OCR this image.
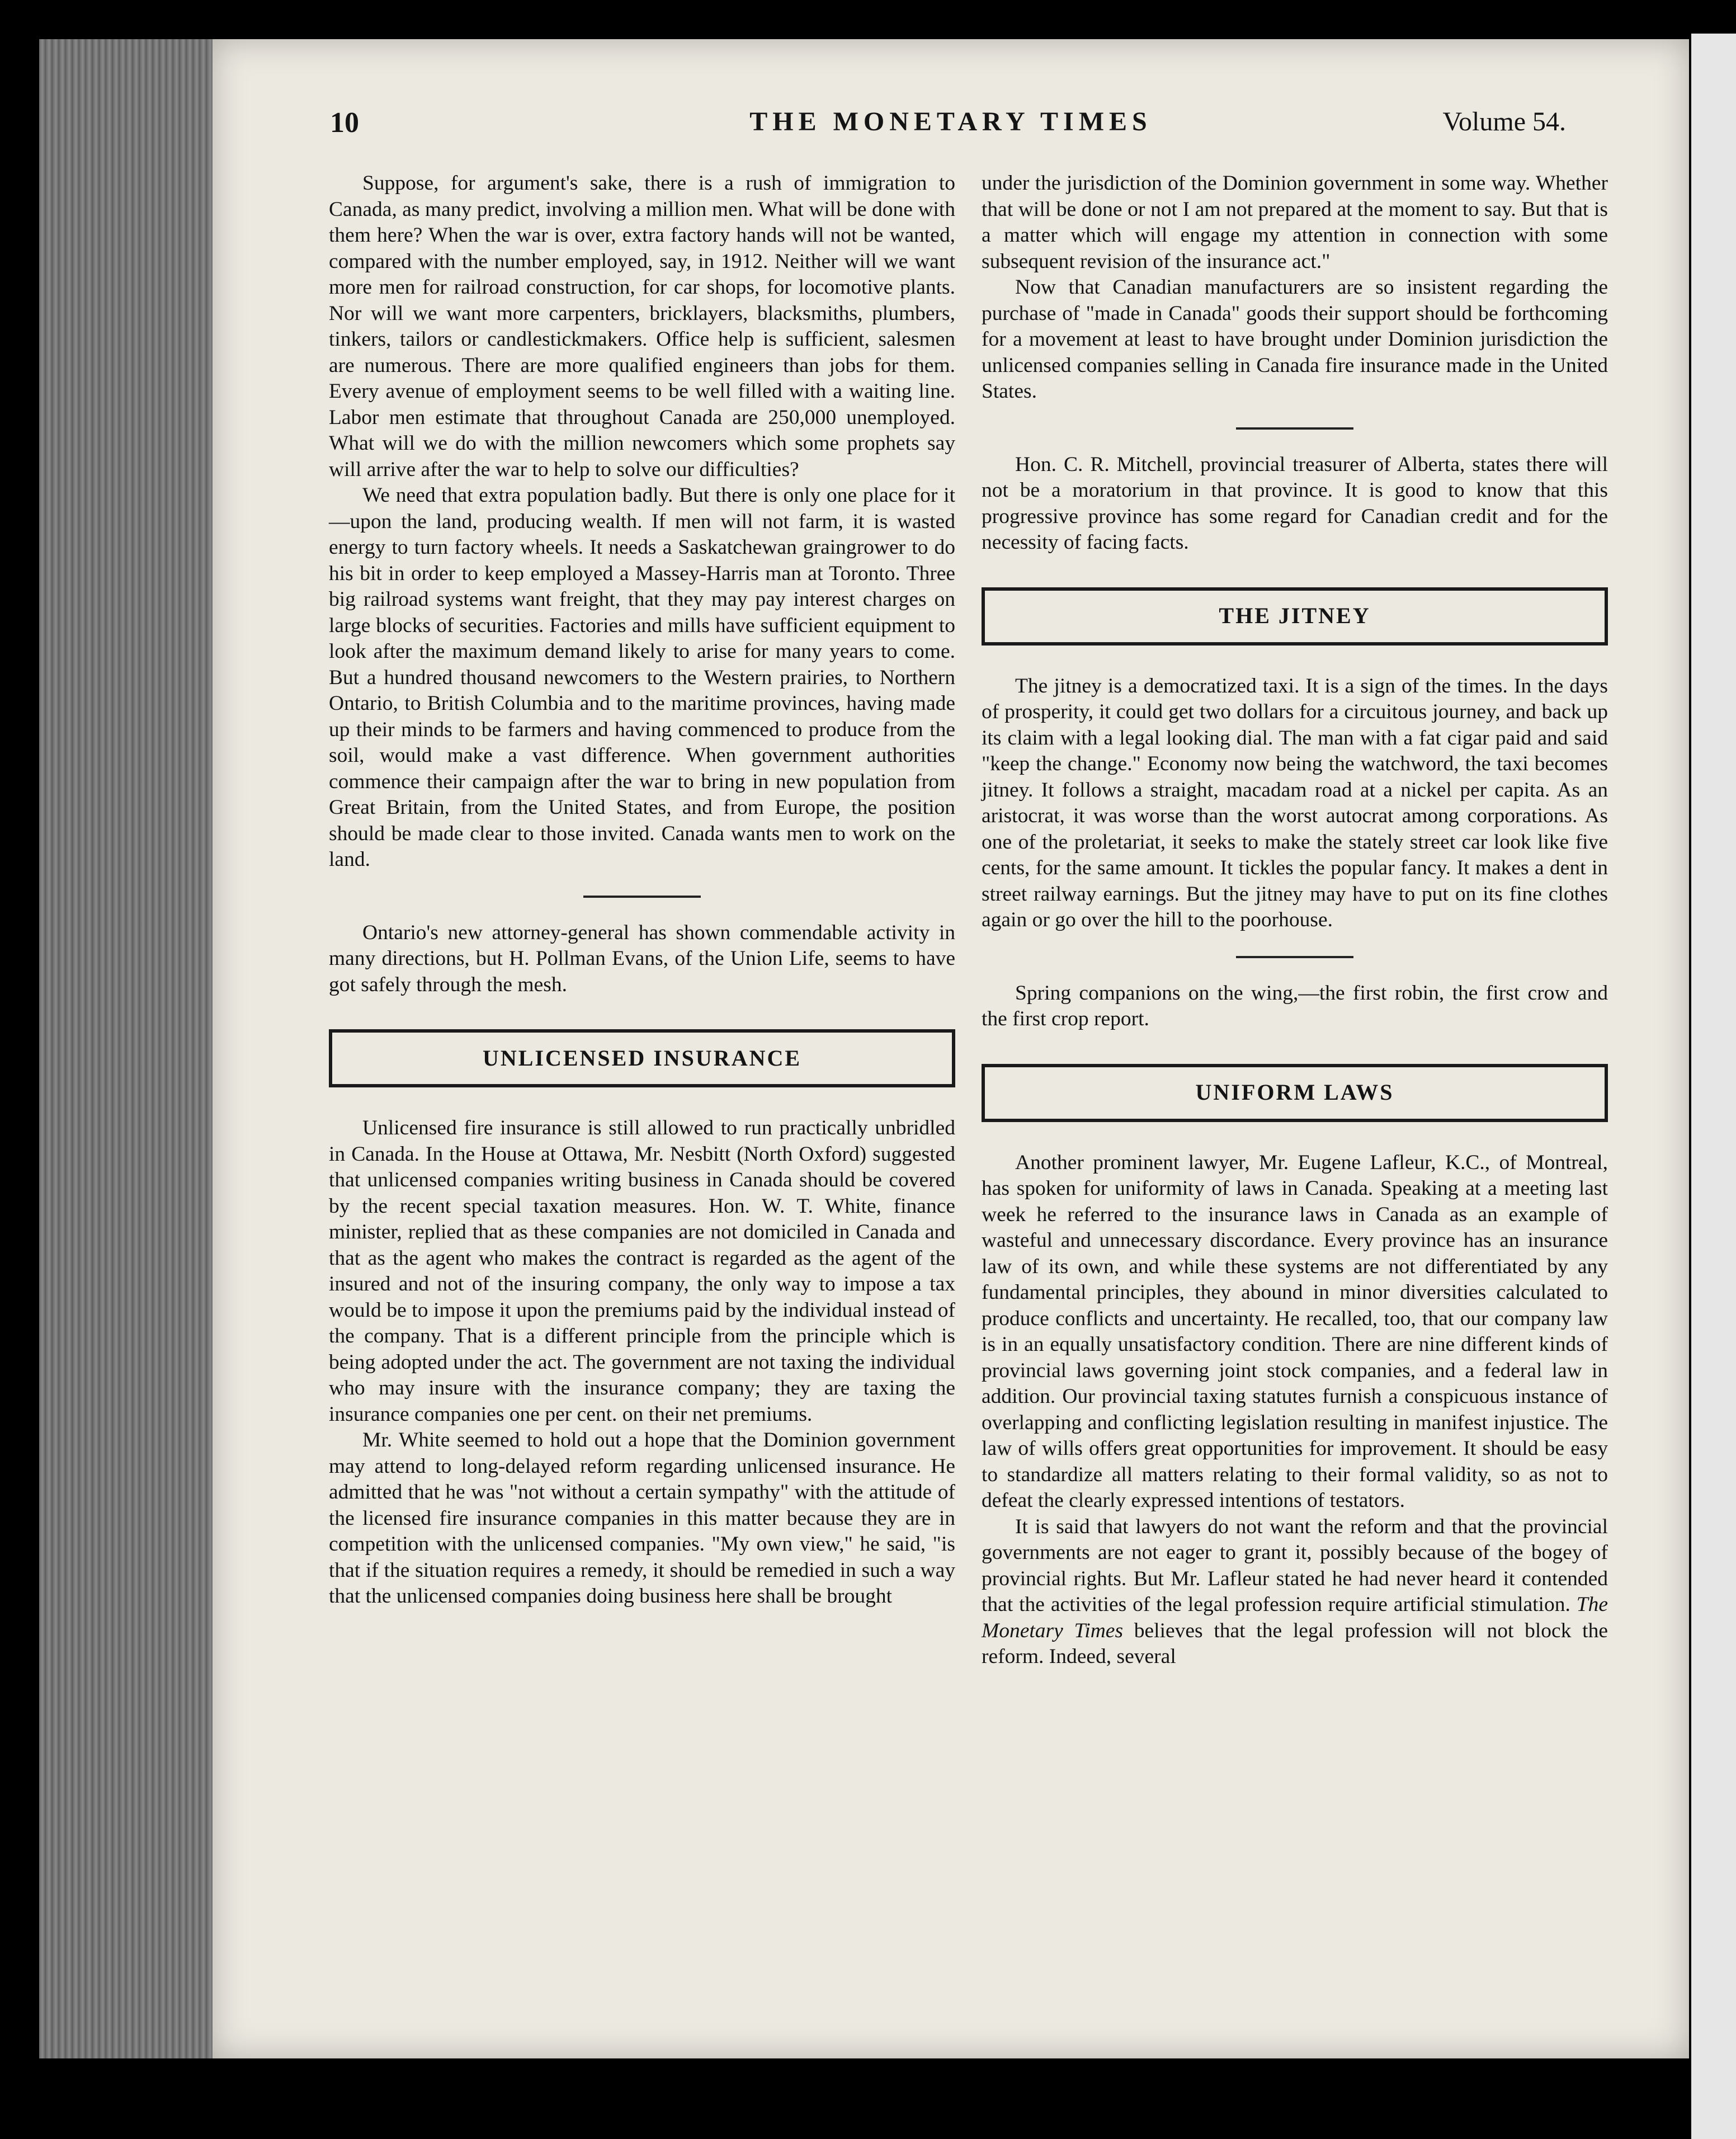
10	THE MONETARY TIMES	Volume 54.

Suppose, for argument's sake, there is a rush of immigration to Canada, as many predict, involving a million men. What will be done with them here? When the war is over, extra factory hands will not be wanted, compared with the number employed, say, in 1912. Neither will we want more men for railroad construction, for car shops, for locomotive plants. Nor will we want more carpenters, bricklayers, blacksmiths, plumbers, tinkers, tailors or candlestickmakers. Office help is sufficient, salesmen are numerous. There are more qualified engineers than jobs for them. Every avenue of employment seems to be well filled with a waiting line. Labor men estimate that throughout Canada are 250,000 unemployed. What will we do with the million newcomers which some prophets say will arrive after the war to help to solve our difficulties?

We need that extra population badly. But there is only one place for it—upon the land, producing wealth. If men will not farm, it is wasted energy to turn factory wheels. It needs a Saskatchewan graingrower to do his bit in order to keep employed a Massey-Harris man at Toronto. Three big railroad systems want freight, that they may pay interest charges on large blocks of securities. Factories and mills have sufficient equipment to look after the maximum demand likely to arise for many years to come. But a hundred thousand newcomers to the Western prairies, to Northern Ontario, to British Columbia and to the maritime provinces, having made up their minds to be farmers and having commenced to produce from the soil, would make a vast difference. When government authorities commence their campaign after the war to bring in new population from Great Britain, from the United States, and from Europe, the position should be made clear to those invited. Canada wants men to work on the land.

Ontario's new attorney-general has shown commendable activity in many directions, but H. Pollman Evans, of the Union Life, seems to have got safely through the mesh.

UNLICENSED INSURANCE

Unlicensed fire insurance is still allowed to run practically unbridled in Canada. In the House at Ottawa, Mr. Nesbitt (North Oxford) suggested that unlicensed companies writing business in Canada should be covered by the recent special taxation measures. Hon. W. T. White, finance minister, replied that as these companies are not domiciled in Canada and that as the agent who makes the contract is regarded as the agent of the insured and not of the insuring company, the only way to impose a tax would be to impose it upon the premiums paid by the individual instead of the company. That is a different principle from the principle which is being adopted under the act. The government are not taxing the individual who may insure with the insurance company; they are taxing the insurance companies one per cent. on their net premiums.

Mr. White seemed to hold out a hope that the Dominion government may attend to long-delayed reform regarding unlicensed insurance. He admitted that he was "not without a certain sympathy" with the attitude of the licensed fire insurance companies in this matter because they are in competition with the unlicensed companies. "My own view," he said, "is that if the situation requires a remedy, it should be remedied in such a way that the unlicensed companies doing business here shall be brought

under the jurisdiction of the Dominion government in some way. Whether that will be done or not I am not prepared at the moment to say. But that is a matter which will engage my attention in connection with some subsequent revision of the insurance act."

Now that Canadian manufacturers are so insistent regarding the purchase of "made in Canada" goods their support should be forthcoming for a movement at least to have brought under Dominion jurisdiction the unlicensed companies selling in Canada fire insurance made in the United States.

Hon. C. R. Mitchell, provincial treasurer of Alberta, states there will not be a moratorium in that province. It is good to know that this progressive province has some regard for Canadian credit and for the necessity of facing facts.

THE JITNEY

The jitney is a democratized taxi. It is a sign of the times. In the days of prosperity, it could get two dollars for a circuitous journey, and back up its claim with a legal looking dial. The man with a fat cigar paid and said "keep the change." Economy now being the watchword, the taxi becomes jitney. It follows a straight, macadam road at a nickel per capita. As an aristocrat, it was worse than the worst autocrat among corporations. As one of the proletariat, it seeks to make the stately street car look like five cents, for the same amount. It tickles the popular fancy. It makes a dent in street railway earnings. But the jitney may have to put on its fine clothes again or go over the hill to the poorhouse.

Spring companions on the wing,—the first robin, the first crow and the first crop report.

UNIFORM LAWS

Another prominent lawyer, Mr. Eugene Lafleur, K.C., of Montreal, has spoken for uniformity of laws in Canada. Speaking at a meeting last week he referred to the insurance laws in Canada as an example of wasteful and unnecessary discordance. Every province has an insurance law of its own, and while these systems are not differentiated by any fundamental principles, they abound in minor diversities calculated to produce conflicts and uncertainty. He recalled, too, that our company law is in an equally unsatisfactory condition. There are nine different kinds of provincial laws governing joint stock companies, and a federal law in addition. Our provincial taxing statutes furnish a conspicuous instance of overlapping and conflicting legislation resulting in manifest injustice. The law of wills offers great opportunities for improvement. It should be easy to standardize all matters relating to their formal validity, so as not to defeat the clearly expressed intentions of testators.

It is said that lawyers do not want the reform and that the provincial governments are not eager to grant it, possibly because of the bogey of provincial rights. But Mr. Lafleur stated he had never heard it contended that the activities of the legal profession require artificial stimulation. The Monetary Times believes that the legal profession will not block the reform. Indeed, several
